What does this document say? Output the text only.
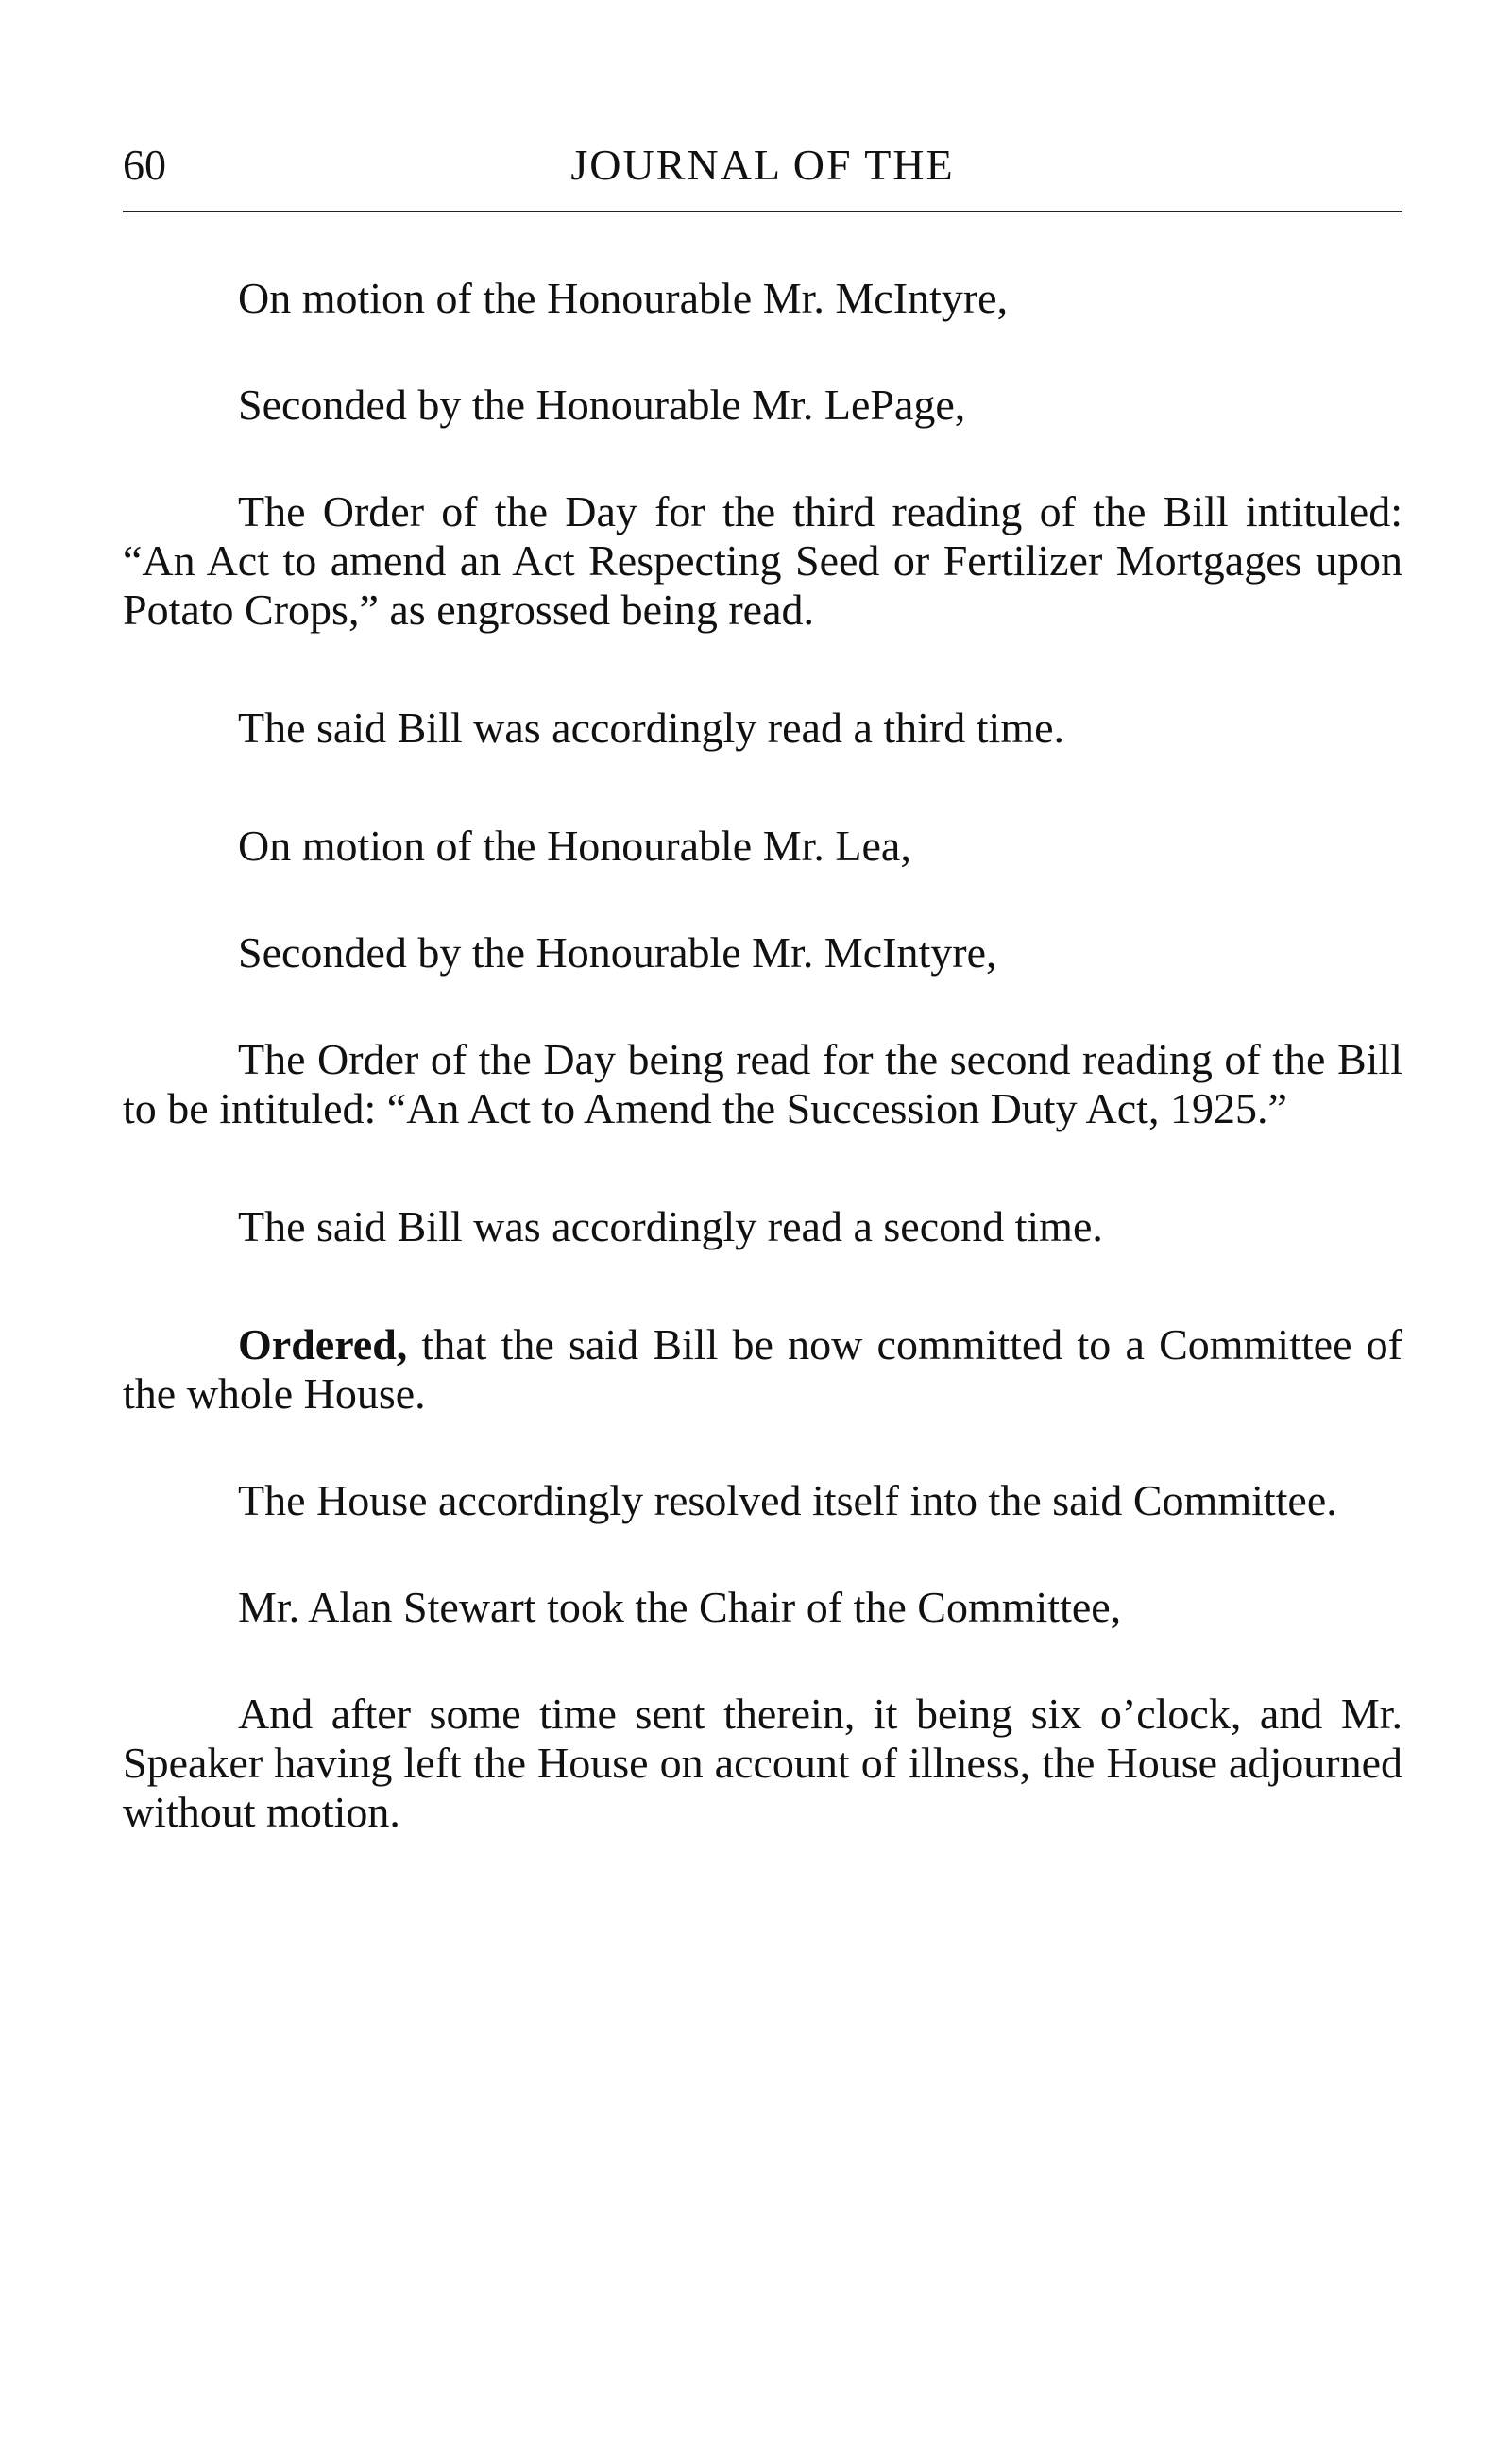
60	JOURNAL OF THE

On motion of the Honourable Mr. McIntyre,

Seconded by the Honourable Mr. LePage,

The Order of the Day for the third reading of the Bill intituled: “An Act to amend an Act Respecting Seed or Fertilizer Mortgages upon Potato Crops,” as engrossed being read.

The said Bill was accordingly read a third time.

On motion of the Honourable Mr. Lea,

Seconded by the Honourable Mr. McIntyre,

The Order of the Day being read for the second reading of the Bill to be intituled: “An Act to Amend the Succession Duty Act, 1925.”

The said Bill was accordingly read a second time.

Ordered, that the said Bill be now committed to a Committee of the whole House.

The House accordingly resolved itself into the said Committee.

Mr. Alan Stewart took the Chair of the Committee,

And after some time sent therein, it being six o’clock, and Mr. Speaker having left the House on account of illness, the House adjourned without motion.
